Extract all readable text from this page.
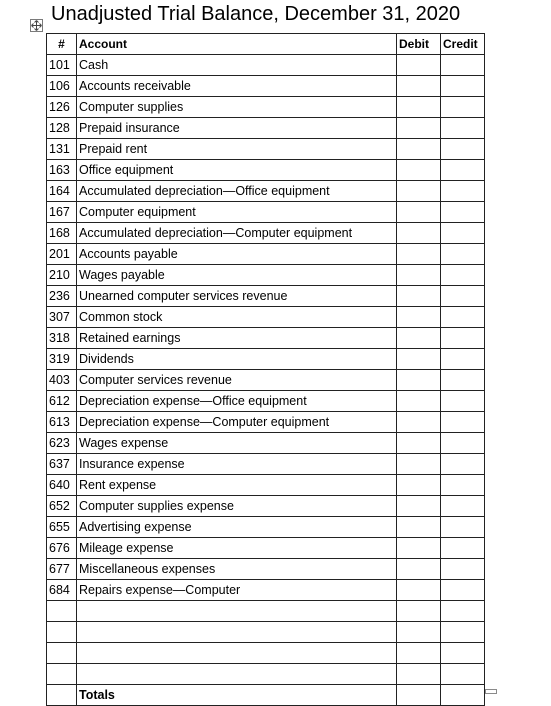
Unadjusted Trial Balance, December 31, 2020
#	Account	Debit	Credit
101	Cash		
106	Accounts receivable		
126	Computer supplies		
128	Prepaid insurance		
131	Prepaid rent		
163	Office equipment		
164	Accumulated depreciation—Office equipment		
167	Computer equipment		
168	Accumulated depreciation—Computer equipment		
201	Accounts payable		
210	Wages payable		
236	Unearned computer services revenue		
307	Common stock		
318	Retained earnings		
319	Dividends		
403	Computer services revenue		
612	Depreciation expense—Office equipment		
613	Depreciation expense—Computer equipment		
623	Wages expense		
637	Insurance expense		
640	Rent expense		
652	Computer supplies expense		
655	Advertising expense		
676	Mileage expense		
677	Miscellaneous expenses		
684	Repairs expense—Computer		

	Totals		
